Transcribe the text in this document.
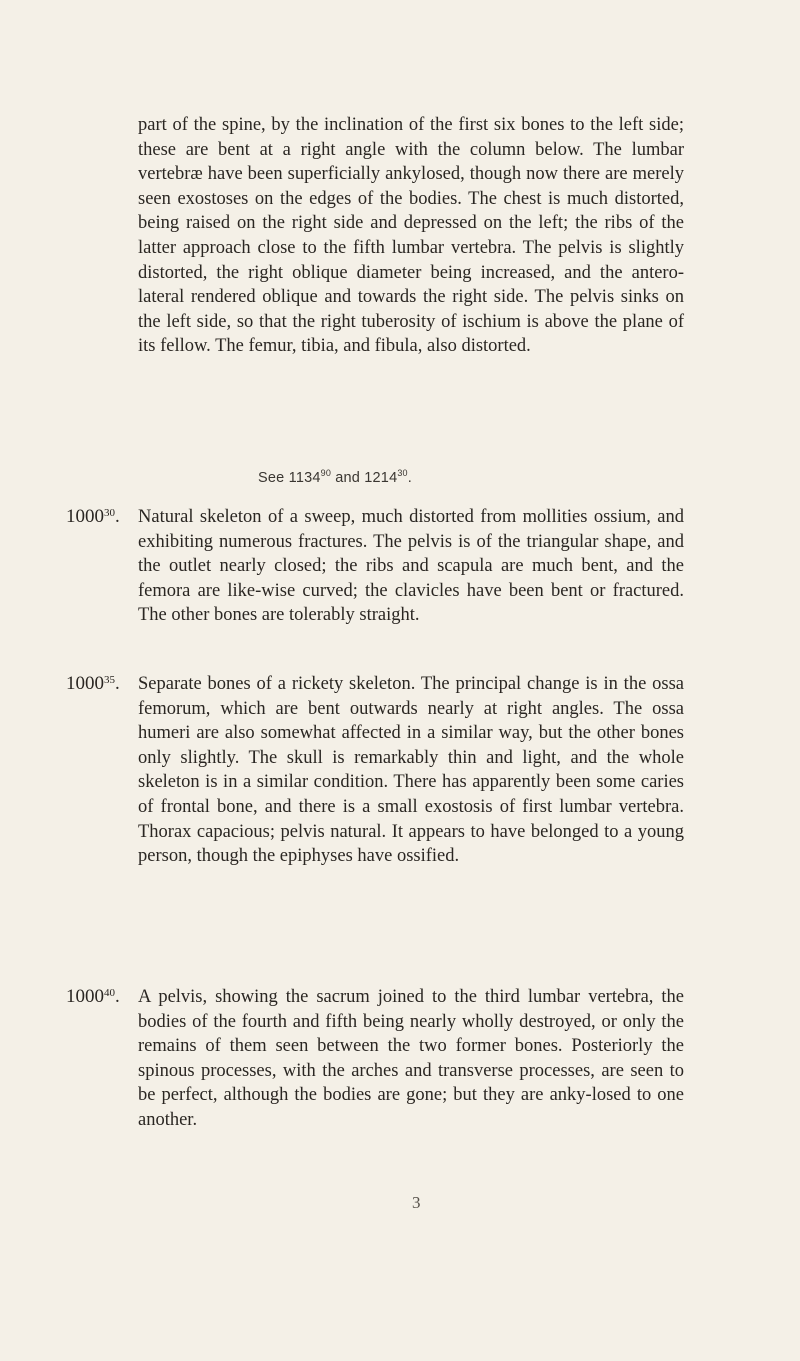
part of the spine, by the inclination of the first six bones to the left side; these are bent at a right angle with the column below. The lumbar vertebræ have been superficially ankylosed, though now there are merely seen exostoses on the edges of the bodies. The chest is much distorted, being raised on the right side and depressed on the left; the ribs of the latter approach close to the fifth lumbar vertebra. The pelvis is slightly distorted, the right oblique diameter being increased, and the antero-lateral rendered oblique and towards the right side. The pelvis sinks on the left side, so that the right tuberosity of ischium is above the plane of its fellow. The femur, tibia, and fibula, also distorted.

See 1134$^{90}$ and 1214$^{30}$.
1000$^{30}$. Natural skeleton of a sweep, much distorted from mollities ossium, and exhibiting numerous fractures. The pelvis is of the triangular shape, and the outlet nearly closed; the ribs and scapula are much bent, and the femora are like-wise curved; the clavicles have been bent or fractured. The other bones are tolerably straight.

1000$^{35}$. Separate bones of a rickety skeleton. The principal change is in the ossa femorum, which are bent outwards nearly at right angles. The ossa humeri are also somewhat affected in a similar way, but the other bones only slightly. The skull is remarkably thin and light, and the whole skeleton is in a similar condition. There has apparently been some caries of frontal bone, and there is a small exostosis of first lumbar vertebra. Thorax capacious; pelvis natural. It appears to have belonged to a young person, though the epiphyses have ossified.

1000$^{40}$. A pelvis, showing the sacrum joined to the third lumbar vertebra, the bodies of the fourth and fifth being nearly wholly destroyed, or only the remains of them seen between the two former bones. Posteriorly the spinous processes, with the arches and transverse processes, are seen to be perfect, although the bodies are gone; but they are anky-losed to one another.

3
